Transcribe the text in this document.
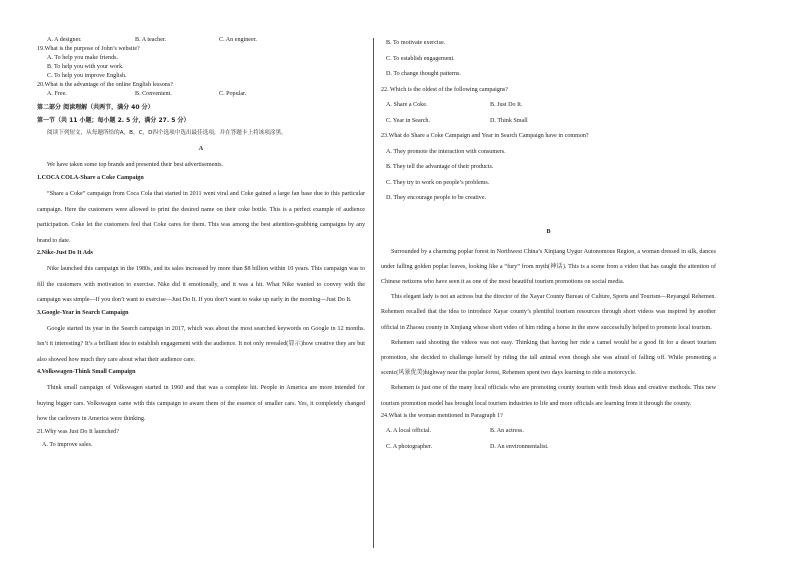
A. A designer.	B. A teacher.	C. An engineer.
19.What is the purpose of John’s website?
A. To help you make friends.
B. To help you with your work.
C. To help you improve English.
20.What is the advantage of the online English lessons?
A. Free.	B. Convenient.	C. Popular.
第二部分 阅读理解（共两节，满分 40 分）
第一节（共 11 小题；每小题 2. 5 分，满分 27. 5 分）

阅读下列短文，从每题所给的A，B，C，D四个选项中选出最佳选项，并在答题卡上将该项涂黑。

A

We have taken some top brands and presented their best advertisements.

1.COCA COLA-Share a Coke Campaign

“Share a Coke” campaign from Coca Cola that started in 2011 went viral and Coke gained a large fan base due to this particular campaign. Here the customers were allowed to print the desired name on their coke bottle. This is a perfect example of audience participation. Coke let the customers feel that Coke cares for them. This was among the best attention-grabbing campaigns by any brand to date.

2.Nike-Just Do It Ads

Nike launched this campaign in the 1980s, and its sales increased by more than $8 billion within 10 years. This campaign was to fill the customers with motivation to exercise. Nike did it emotionally, and it was a hit. What Nike wanted to convey with the campaign was simple—If you don’t want to exercise—Just Do It. If you don’t want to wake up early in the morning—Just Do It.

3.Google-Year in Search Campaign

Google started its year in the Search campaign in 2017, which was about the most searched keywords on Google in 12 months. Isn’t it interesting? It’s a brilliant idea to establish engagement with the audience. It not only revealed(显示)how creative they are but also showed how much they care about what their audience care.

4.Volkswagen-Think Small Campaign

Think small campaign of Volkswagen started in 1960 and that was a complete hit. People in America are more intended for buying bigger cars. Volkswagen came with this campaign to aware them of the essence of smaller cars. Yes, it completely changed how the carlovers in America were thinking.

21.Why was Just Do It launched?
A. To improve sales.
B. To motivate exercise.
C. To establish engagement.
D. To change thought patterns.
22. Which is the oldest of the following campaigns?
A. Share a Coke.	B. Just Do It.
C. Year in Search.	D. Think Small
23.What do Share a Coke Campaign and Year in Search Campaign have in common?
A. They promote the interaction with consumers.
B. They tell the advantage of their products.
C. They try to work on people’s problems.
D. They encourage people to be creative.
B

Surrounded by a charming poplar forest in Northwest China’s Xinjiang Uygur Autonomous Region, a woman dressed in silk, dances under falling golden poplar leaves, looking like a “fury” from myth(神话). This is a scene from a video that has caught the attention of Chinese netizens who have seen it as one of the most beautiful tourism promotions on social media.

This elegant lady is not an actress but the director of the Xayar County Bureau of Culture, Sports and Tourism—Reyangul Rehemen. Rehemen recalled that the idea to introduce Xayar county’s plentiful tourism resources through short videos was inspired by another official in Zhaosu county in Xinjiang whose short video of him riding a horse in the snow successfully helped to promote local tourism.

Rehemen said shooting the videos was not easy. Thinking that having her ride a camel would be a good fit for a desert tourism promotion, she decided to challenge herself by riding the tall animal even though she was afraid of falling off. While promoting a scenic(风景优美)highway near the poplar forest, Rehemen spent two days learning to ride a motorcycle.

Rehemen is just one of the many local officials who are promoting county tourism with fresh ideas and creative methods. This new tourism promotion model has brought local tourism industries to life and more officials are learning from it through the county.

24.What is the woman mentioned in Paragraph 1?
A. A local official.	B. An actress.
C. A photographer.	D. An environmentalist.
